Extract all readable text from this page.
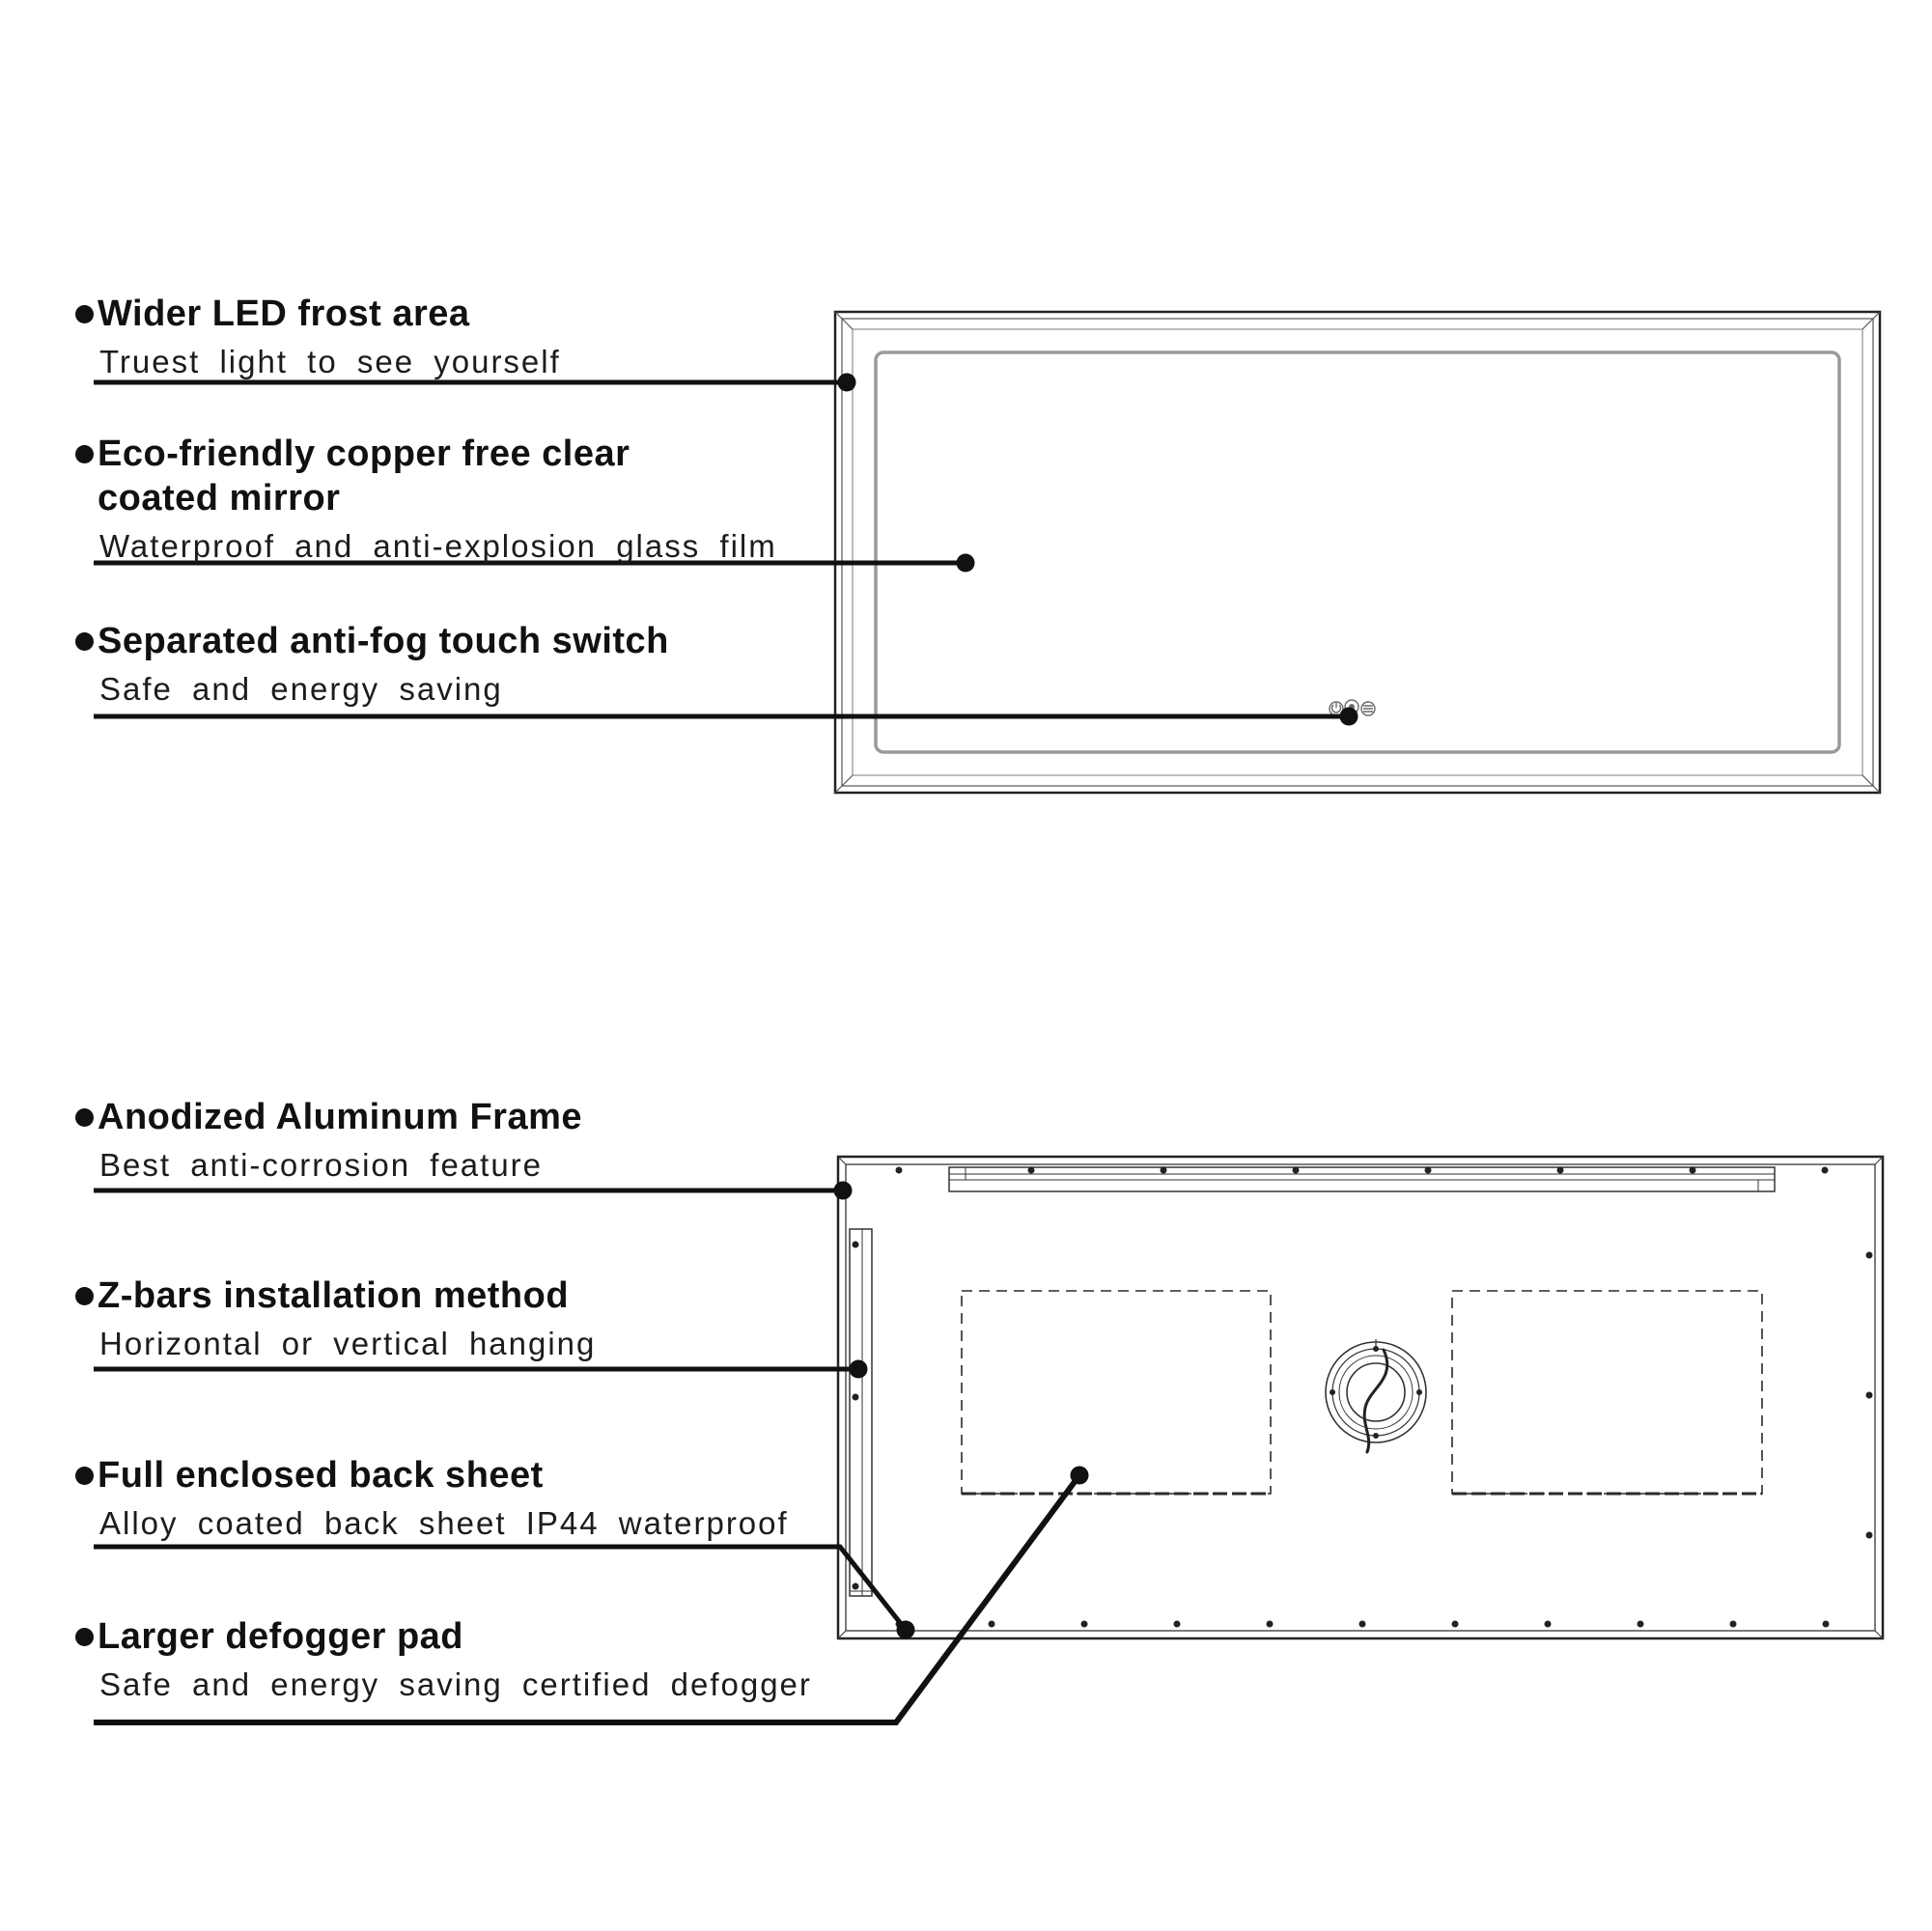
Wider LED frost area
Truest light to see yourself
Eco-friendly copper free clear coated mirror
Waterproof and anti-explosion glass film
Separated anti-fog touch switch
Safe and energy saving
Anodized Aluminum Frame
Best anti-corrosion feature
Z-bars installation method
Horizontal or vertical hanging
Full enclosed back sheet
Alloy coated back sheet IP44 waterproof
Larger defogger pad
Safe and energy saving certified defogger
